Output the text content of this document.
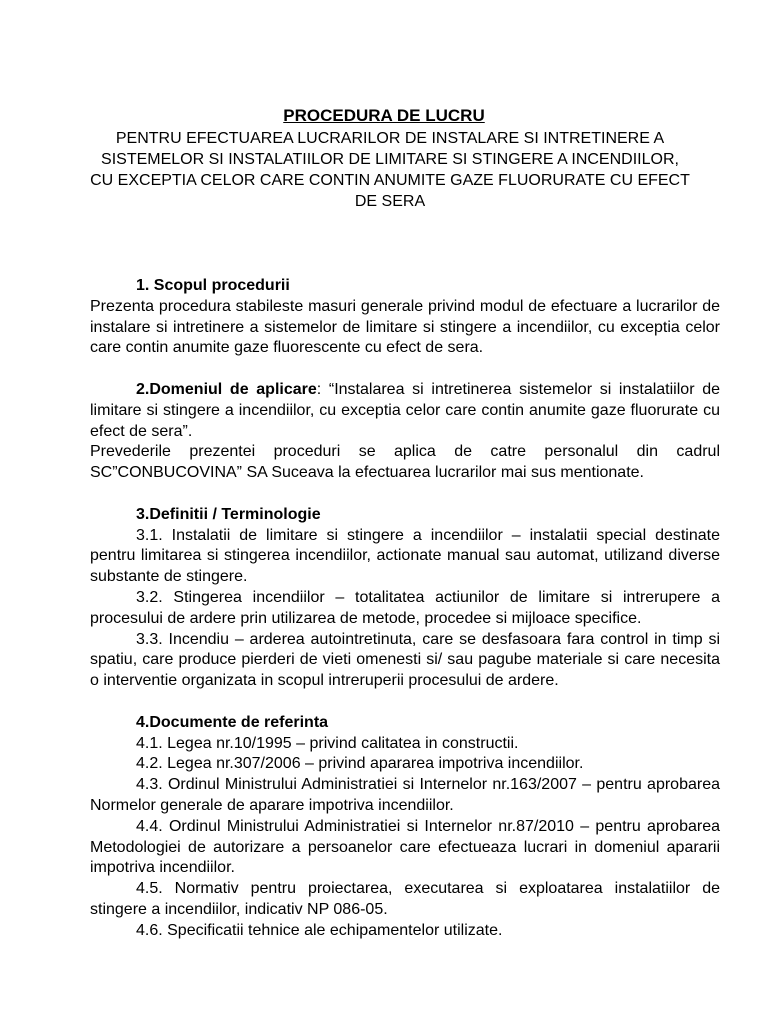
PROCEDURA DE LUCRU
PENTRU EFECTUAREA LUCRARILOR DE INSTALARE SI INTRETINERE A SISTEMELOR SI INSTALATIILOR DE LIMITARE SI STINGERE A INCENDIILOR, CU EXCEPTIA CELOR CARE CONTIN ANUMITE GAZE FLUORURATE CU EFECT DE SERA

1. Scopul procedurii

Prezenta procedura stabileste masuri generale privind modul de efectuare a lucrarilor de instalare si intretinere a sistemelor de limitare si stingere a incendiilor, cu exceptia celor care contin anumite gaze fluorescente cu efect de sera.

2.Domeniul de aplicare: “Instalarea si intretinerea sistemelor si instalatiilor de limitare si stingere a incendiilor, cu exceptia celor care contin anumite gaze fluorurate cu efect de sera”.

Prevederile prezentei proceduri se aplica de catre personalul din cadrul SC”CONBUCOVINA” SA Suceava la efectuarea lucrarilor mai sus mentionate.

3.Definitii / Terminologie

3.1. Instalatii de limitare si stingere a incendiilor – instalatii special destinate pentru limitarea si stingerea incendiilor, actionate manual sau automat, utilizand diverse substante de stingere.

3.2. Stingerea incendiilor – totalitatea actiunilor de limitare si intrerupere a procesului de ardere prin utilizarea de metode, procedee si mijloace specifice.

3.3. Incendiu – arderea autointretinuta, care se desfasoara fara control in timp si spatiu, care produce pierderi de vieti omenesti si/ sau pagube materiale si care necesita o interventie organizata in scopul intreruperii procesului de ardere.

4.Documente de referinta

4.1. Legea nr.10/1995 – privind calitatea in constructii.

4.2. Legea nr.307/2006 – privind apararea impotriva incendiilor.

4.3. Ordinul Ministrului Administratiei si Internelor nr.163/2007 – pentru aprobarea Normelor generale de aparare impotriva incendiilor.

4.4. Ordinul Ministrului Administratiei si Internelor nr.87/2010 – pentru aprobarea Metodologiei de autorizare a persoanelor care efectueaza lucrari in domeniul apararii impotriva incendiilor.

4.5. Normativ pentru proiectarea, executarea si exploatarea instalatiilor de stingere a incendiilor, indicativ NP 086-05.

4.6. Specificatii tehnice ale echipamentelor utilizate.
